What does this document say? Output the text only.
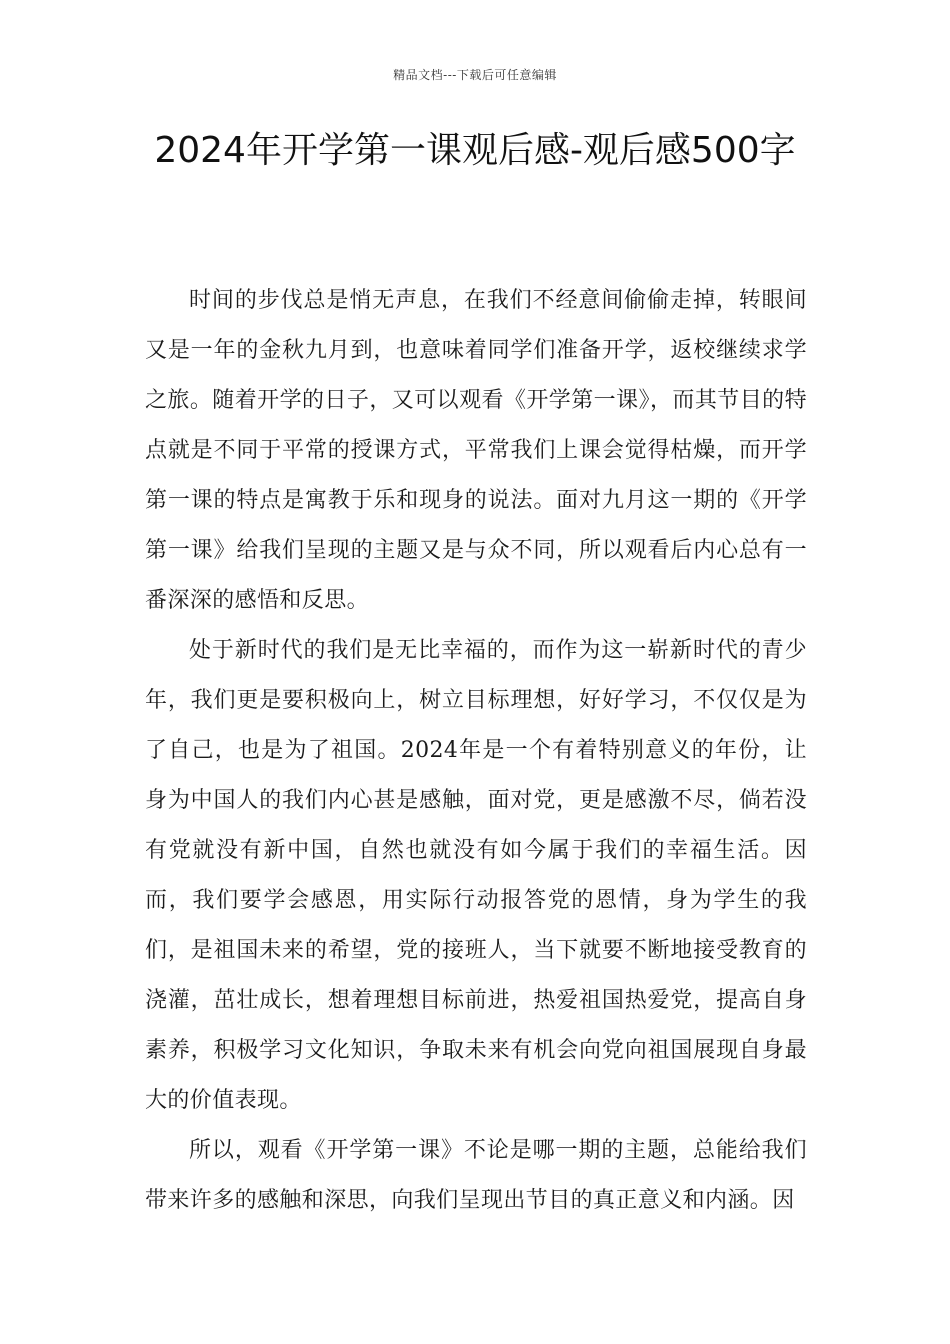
精品文档---下载后可任意编辑
2024年开学第一课观后感-观后感500字

时间的步伐总是悄无声息，在我们不经意间偷偷走掉，转眼间又是一年的金秋九月到，也意味着同学们准备开学，返校继续求学之旅。随着开学的日子，又可以观看《开学第一课》，而其节目的特点就是不同于平常的授课方式，平常我们上课会觉得枯燥，而开学第一课的特点是寓教于乐和现身的说法。面对九月这一期的《开学第一课》给我们呈现的主题又是与众不同，所以观看后内心总有一番深深的感悟和反思。

处于新时代的我们是无比幸福的，而作为这一崭新时代的青少年，我们更是要积极向上，树立目标理想，好好学习，不仅仅是为了自己，也是为了祖国。2024年是一个有着特别意义的年份，让身为中国人的我们内心甚是感触，面对党，更是感激不尽，倘若没有党就没有新中国，自然也就没有如今属于我们的幸福生活。因而，我们要学会感恩，用实际行动报答党的恩情，身为学生的我们，是祖国未来的希望，党的接班人，当下就要不断地接受教育的浇灌，茁壮成长，想着理想目标前进，热爱祖国热爱党，提高自身素养，积极学习文化知识，争取未来有机会向党向祖国展现自身最大的价值表现。

所以，观看《开学第一课》不论是哪一期的主题，总能给我们带来许多的感触和深思，向我们呈现出节目的真正意义和内涵。因
